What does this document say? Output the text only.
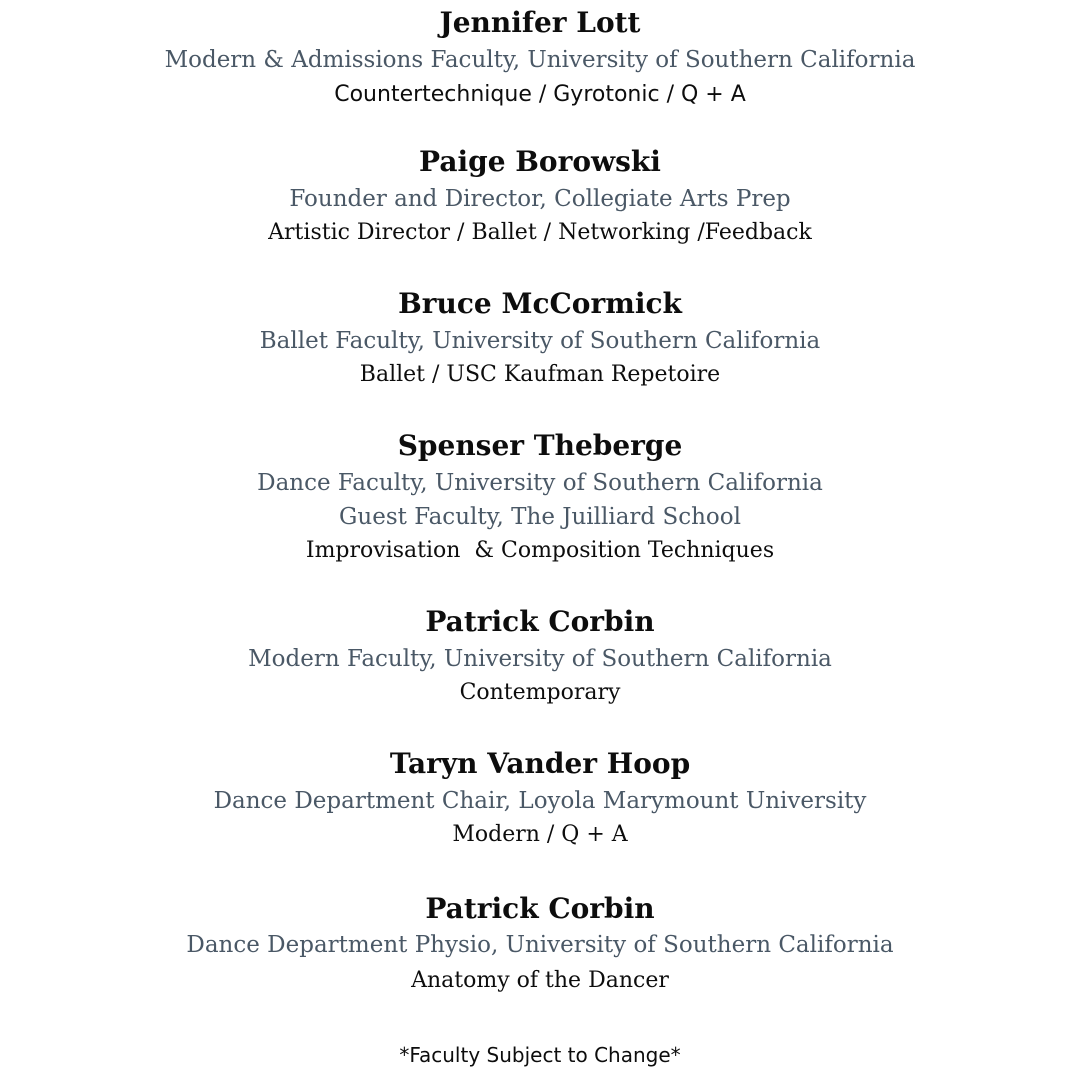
Jennifer Lott
Modern & Admissions Faculty, University of Southern California
Countertechnique / Gyrotonic / Q + A
Paige Borowski
Founder and Director, Collegiate Arts Prep
Artistic Director / Ballet / Networking /Feedback
Bruce McCormick
Ballet Faculty, University of Southern California
Ballet / USC Kaufman Repetoire
Spenser Theberge
Dance Faculty, University of Southern California
Guest Faculty, The Juilliard School
Improvisation  & Composition Techniques
Patrick Corbin
Modern Faculty, University of Southern California
Contemporary
Taryn Vander Hoop
Dance Department Chair, Loyola Marymount University
Modern / Q + A
Patrick Corbin
Dance Department Physio, University of Southern California
Anatomy of the Dancer
*Faculty Subject to Change*
